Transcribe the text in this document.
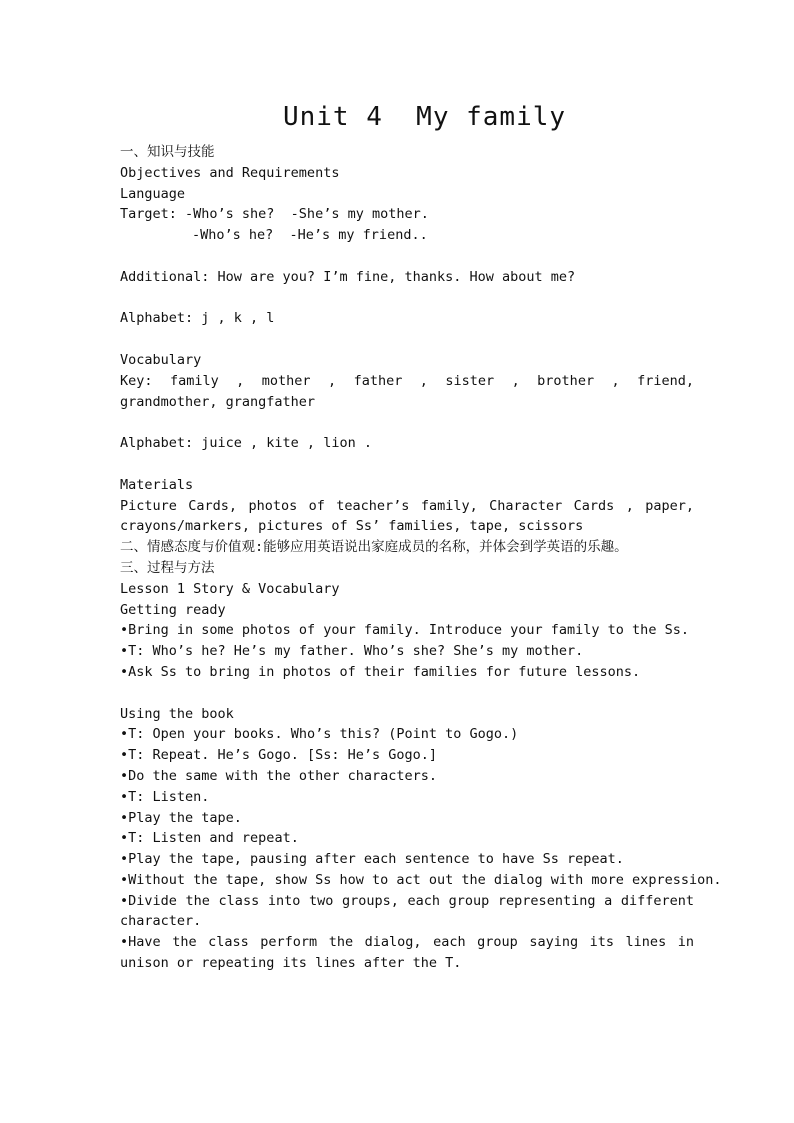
Unit 4  My family
一、知识与技能
Objectives and Requirements
Language
Target: -Who’s she?  -She’s my mother.
-Who’s he?  -He’s my friend..
Additional: How are you? I’m fine, thanks. How about me?
Alphabet: j , k , l
Vocabulary
Key: family , mother , father , sister , brother , friend, grandmother, grangfather
Alphabet: juice , kite , lion .
Materials
Picture Cards, photos of teacher’s family, Character Cards , paper, crayons/markers, pictures of Ss’ families, tape, scissors
二、情感态度与价值观:能够应用英语说出家庭成员的名称，并体会到学英语的乐趣。
三、过程与方法
Lesson 1 Story & Vocabulary
Getting ready
• Bring in some photos of your family. Introduce your family to the Ss.
• T: Who’s he? He’s my father. Who’s she? She’s my mother.
• Ask Ss to bring in photos of their families for future lessons.
Using the book
• T: Open your books. Who’s this? (Point to Gogo.)
• T: Repeat. He’s Gogo. [Ss: He’s Gogo.]
• Do the same with the other characters.
• T: Listen.
• Play the tape.
• T: Listen and repeat.
• Play the tape, pausing after each sentence to have Ss repeat.
• Without the tape, show Ss how to act out the dialog with more expression.
• Divide the class into two groups, each group representing a different character.
• Have the class perform the dialog, each group saying its lines in unison or repeating its lines after the T.
